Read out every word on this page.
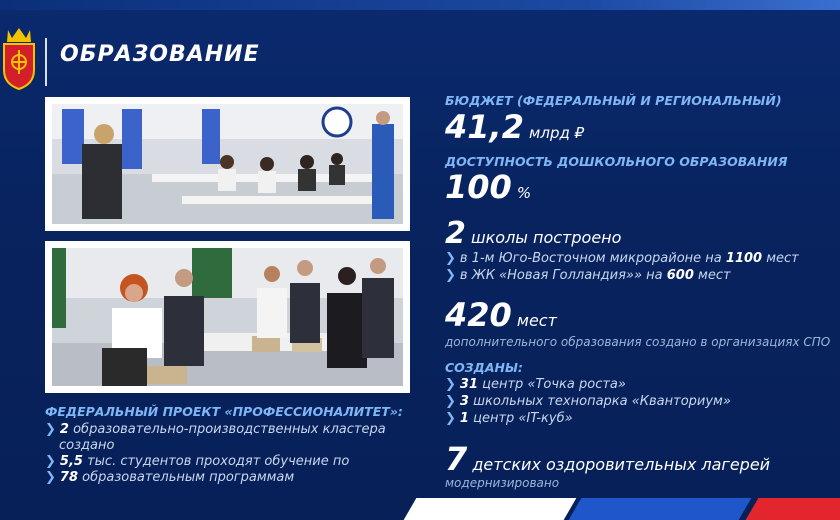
ОБРАЗОВАНИЕ
ФЕДЕРАЛЬНЫЙ ПРОЕКТ «ПРОФЕССИОНАЛИТЕТ»:
❯ 2 образовательно-производственных кластера
создано
❯ 5,5 тыс. студентов проходят обучение по
❯ 78 образовательным программам
БЮДЖЕТ (ФЕДЕРАЛЬНЫЙ И РЕГИОНАЛЬНЫЙ)
41,2 млрд ₽
ДОСТУПНОСТЬ ДОШКОЛЬНОГО ОБРАЗОВАНИЯ
100 %
2 школы построено
❯ в 1-м Юго-Восточном микрорайоне на 1100 мест
❯ в ЖК «Новая Голландия»» на 600 мест
420 мест
дополнительного образования создано в организациях СПО
СОЗДАНЫ:
❯ 31 центр «Точка роста»
❯ 3 школьных технопарка «Кванториум»
❯ 1 центр «IT-куб»
7 детских оздоровительных лагерей
модернизировано
